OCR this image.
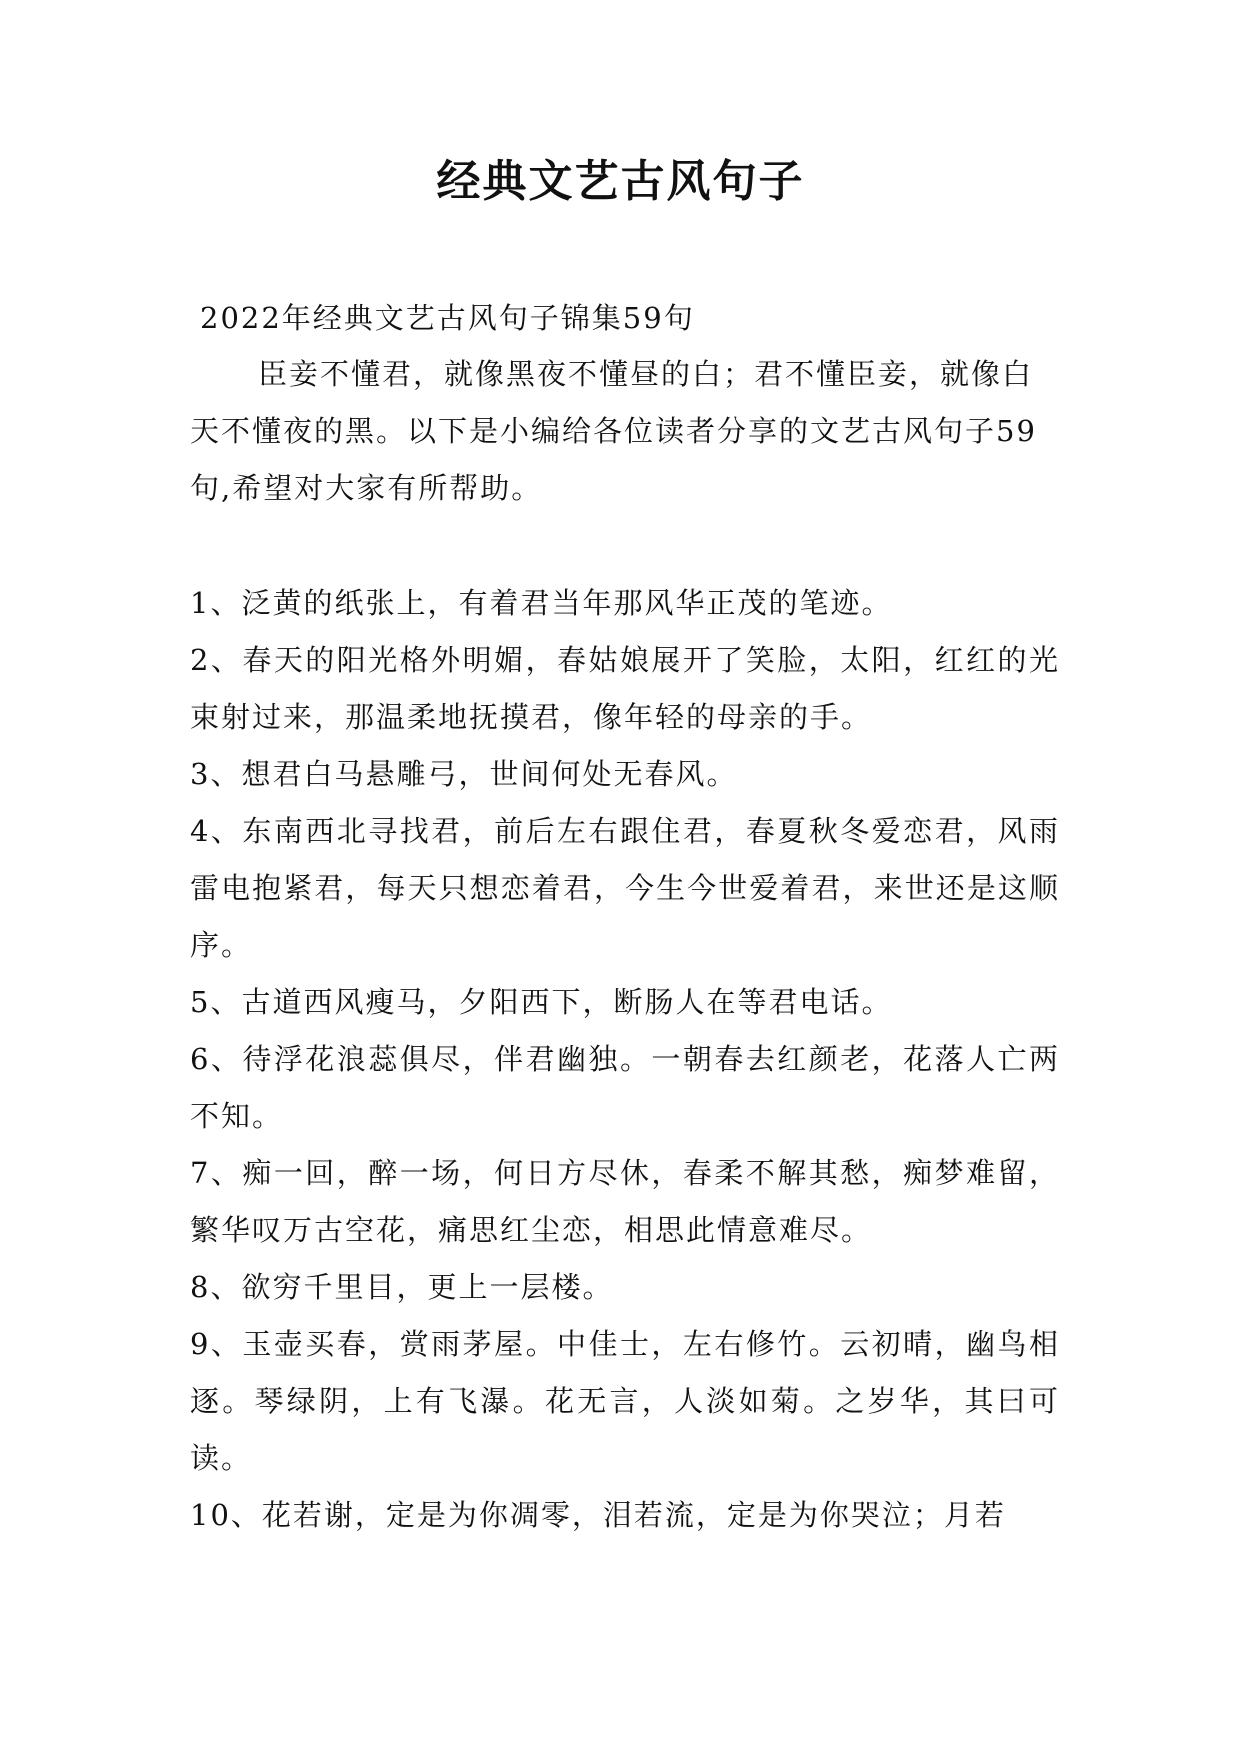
经典文艺古风句子

2022年经典文艺古风句子锦集59句

臣妾不懂君，就像黑夜不懂昼的白；君不懂臣妾，就像白天不懂夜的黑。以下是小编给各位读者分享的文艺古风句子59句,希望对大家有所帮助。

1、泛黄的纸张上，有着君当年那风华正茂的笔迹。

2、春天的阳光格外明媚，春姑娘展开了笑脸，太阳，红红的光束射过来，那温柔地抚摸君，像年轻的母亲的手。

3、想君白马悬雕弓，世间何处无春风。

4、东南西北寻找君，前后左右跟住君，春夏秋冬爱恋君，风雨雷电抱紧君，每天只想恋着君，今生今世爱着君，来世还是这顺序。

5、古道西风瘦马，夕阳西下，断肠人在等君电话。

6、待浮花浪蕊俱尽，伴君幽独。一朝春去红颜老，花落人亡两不知。

7、痴一回，醉一场，何日方尽休，春柔不解其愁，痴梦难留，繁华叹万古空花，痛思红尘恋，相思此情意难尽。

8、欲穷千里目，更上一层楼。

9、玉壶买春，赏雨茅屋。中佳士，左右修竹。云初晴，幽鸟相逐。琴绿阴，上有飞瀑。花无言，人淡如菊。之岁华，其曰可读。

10、花若谢，定是为你凋零，泪若流，定是为你哭泣；月若
